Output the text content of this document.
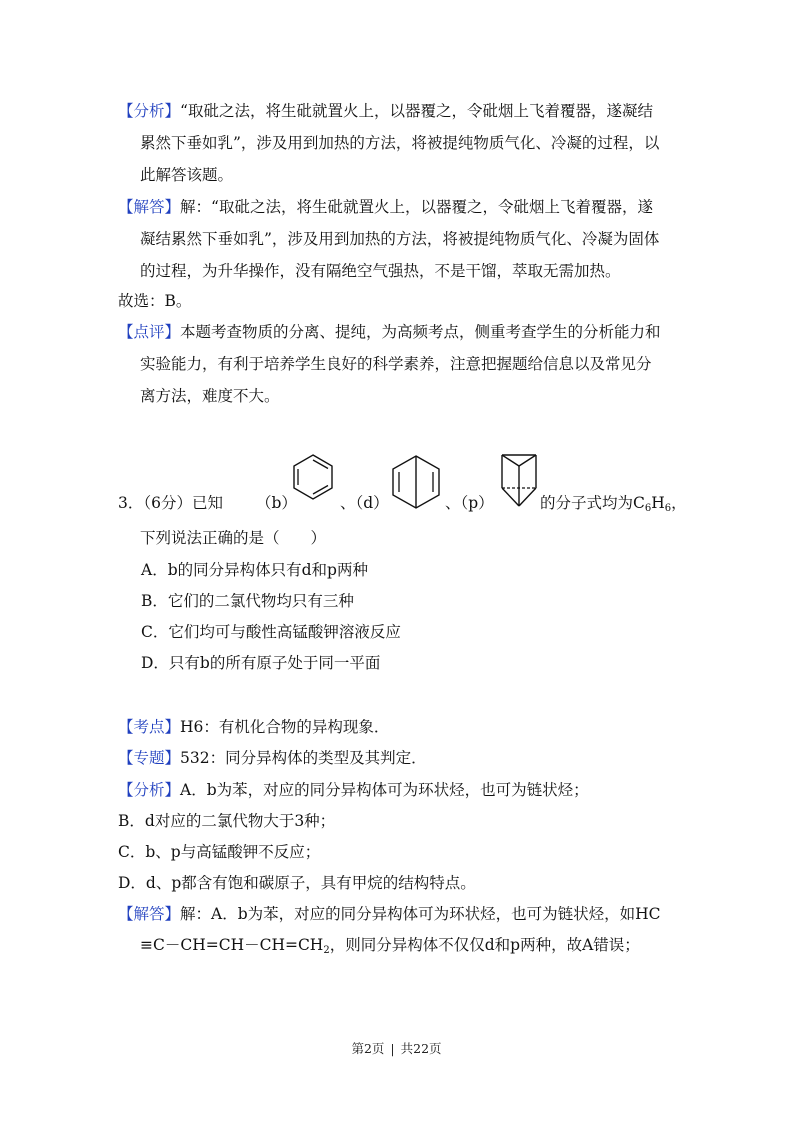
【分析】“取砒之法，将生砒就置火上，以器覆之，令砒烟上飞着覆器，遂凝结
累然下垂如乳”，涉及用到加热的方法，将被提纯物质气化、冷凝的过程，以
此解答该题。
【解答】解：“取砒之法，将生砒就置火上，以器覆之，令砒烟上飞着覆器，遂
凝结累然下垂如乳”，涉及用到加热的方法，将被提纯物质气化、冷凝为固体
的过程，为升华操作，没有隔绝空气强热，不是干馏，萃取无需加热。
故选：B。
【点评】本题考查物质的分离、提纯，为高频考点，侧重考查学生的分析能力和
实验能力，有利于培养学生良好的科学素养，注意把握题给信息以及常见分
离方法，难度不大。
3．（6分）已知 （b）	、（d）	、（p）	的分子式均为$C_6H_6$，
下列说法正确的是（　　）
A．b的同分异构体只有d和p两种
B．它们的二氯代物均只有三种
C．它们均可与酸性高锰酸钾溶液反应
D．只有b的所有原子处于同一平面
【考点】H6：有机化合物的异构现象．
【专题】532：同分异构体的类型及其判定．
【分析】A．b为苯，对应的同分异构体可为环状烃，也可为链状烃；
B．d对应的二氯代物大于3种；
C．b、p与高锰酸钾不反应；
D．d、p都含有饱和碳原子，具有甲烷的结构特点。
【解答】解：A．b为苯，对应的同分异构体可为环状烃，也可为链状烃，如HC
$\equiv C-CH=CH-CH=CH_2$，则同分异构体不仅仅d和p两种，故A错误；
第2页 | 共22页
